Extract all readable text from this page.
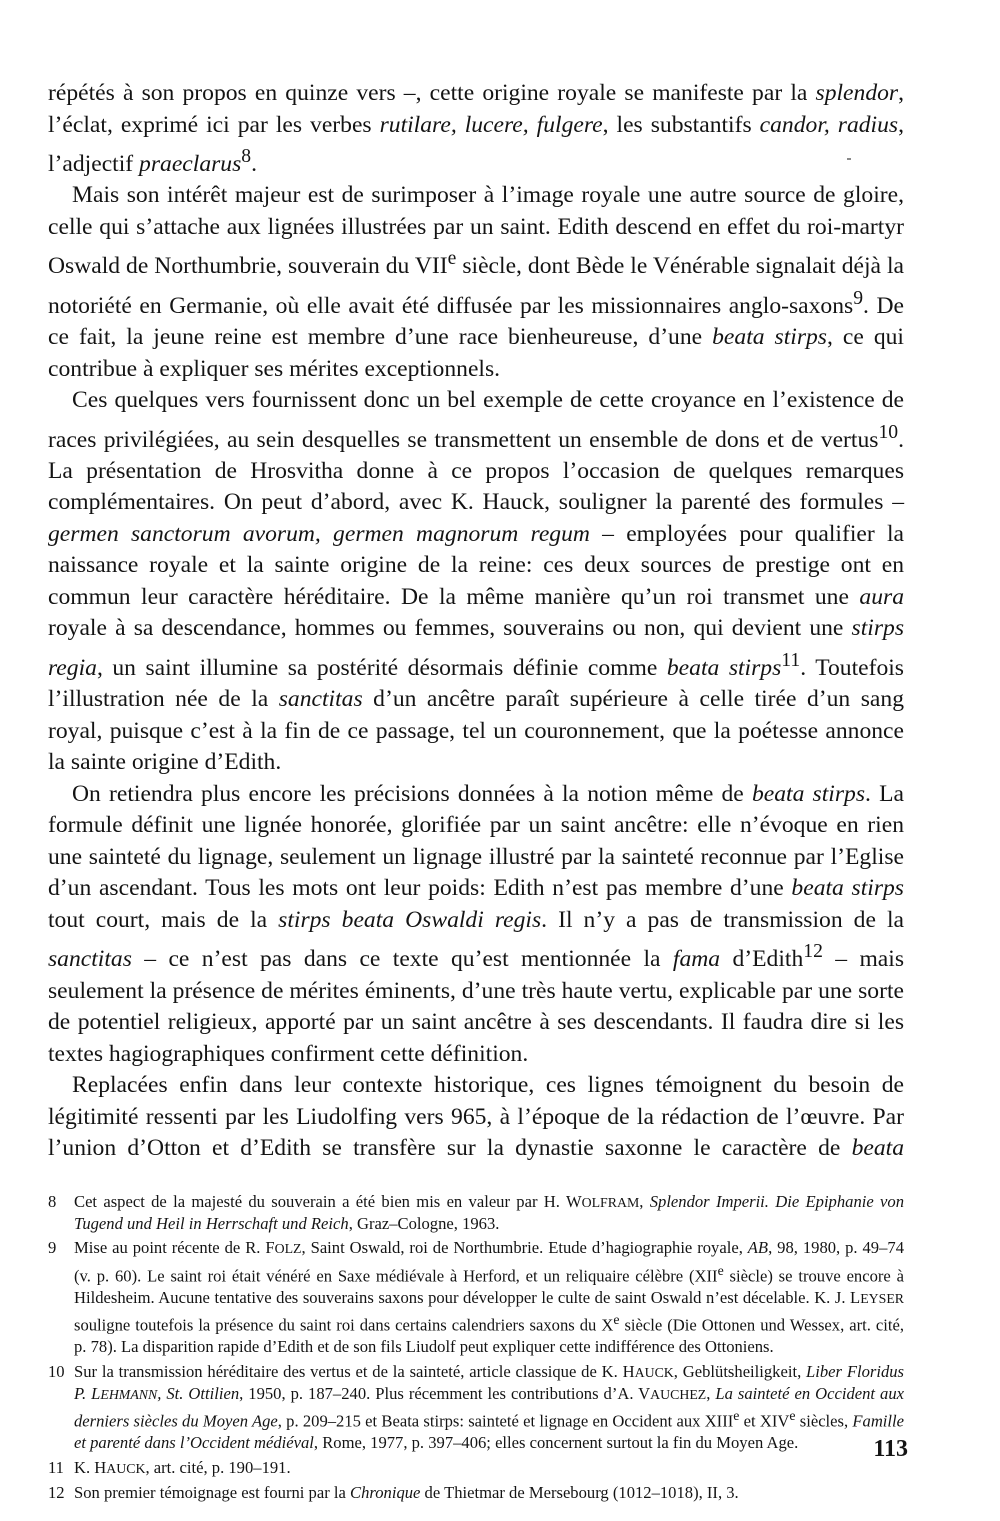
répétés à son propos en quinze vers –, cette origine royale se manifeste par la splendor, l’éclat, exprimé ici par les verbes rutilare, lucere, fulgere, les substantifs candor, radius, l’adjectif praeclarus$^8$.

Mais son intérêt majeur est de surimposer à l’image royale une autre source de gloire, celle qui s’attache aux lignées illustrées par un saint. Edith descend en effet du roi-martyr Oswald de Northumbrie, souverain du VIIe siècle, dont Bède le Vénérable signalait déjà la notoriété en Germanie, où elle avait été diffusée par les missionnaires anglo-saxons$^9$. De ce fait, la jeune reine est membre d’une race bienheureuse, d’une beata stirps, ce qui contribue à expliquer ses mérites exceptionnels.

Ces quelques vers fournissent donc un bel exemple de cette croyance en l’existence de races privilégiées, au sein desquelles se transmettent un ensemble de dons et de vertus$^{10}$. La présentation de Hrosvitha donne à ce propos l’occasion de quelques remarques complémentaires. On peut d’abord, avec K. Hauck, souligner la parenté des formules – germen sanctorum avorum, germen magnorum regum – employées pour qualifier la naissance royale et la sainte origine de la reine: ces deux sources de prestige ont en commun leur caractère héréditaire. De la même manière qu’un roi transmet une aura royale à sa descendance, hommes ou femmes, souverains ou non, qui devient une stirps regia, un saint illumine sa postérité désormais définie comme beata stirps$^{11}$. Toutefois l’illustration née de la sanctitas d’un ancêtre paraît supérieure à celle tirée d’un sang royal, puisque c’est à la fin de ce passage, tel un couronnement, que la poétesse annonce la sainte origine d’Edith.

On retiendra plus encore les précisions données à la notion même de beata stirps. La formule définit une lignée honorée, glorifiée par un saint ancêtre: elle n’évoque en rien une sainteté du lignage, seulement un lignage illustré par la sainteté reconnue par l’Eglise d’un ascendant. Tous les mots ont leur poids: Edith n’est pas membre d’une beata stirps tout court, mais de la stirps beata Oswaldi regis. Il n’y a pas de transmission de la sanctitas – ce n’est pas dans ce texte qu’est mentionnée la fama d’Edith$^{12}$ – mais seulement la présence de mérites éminents, d’une très haute vertu, explicable par une sorte de potentiel religieux, apporté par un saint ancêtre à ses descendants. Il faudra dire si les textes hagiographiques confirment cette définition.

Replacées enfin dans leur contexte historique, ces lignes témoignent du besoin de légitimité ressenti par les Liudolfing vers 965, à l’époque de la rédaction de l’œuvre. Par l’union d’Otton et d’Edith se transfère sur la dynastie saxonne le caractère de beata

8	Cet aspect de la majesté du souverain a été bien mis en valeur par H. WOLFRAM, Splendor Imperii. Die Epiphanie von Tugend und Heil in Herrschaft und Reich, Graz–Cologne, 1963.
9	Mise au point récente de R. FOLZ, Saint Oswald, roi de Northumbrie. Etude d’hagiographie royale, AB, 98, 1980, p. 49–74 (v. p. 60). Le saint roi était vénéré en Saxe médiévale à Herford, et un reliquaire célèbre (XIIe siècle) se trouve encore à Hildesheim. Aucune tentative des souverains saxons pour développer le culte de saint Oswald n’est décelable. K. J. LEYSER souligne toutefois la présence du saint roi dans certains calendriers saxons du Xe siècle (Die Ottonen und Wessex, art. cité, p. 78). La disparition rapide d’Edith et de son fils Liudolf peut expliquer cette indifférence des Ottoniens.
10 Sur la transmission héréditaire des vertus et de la sainteté, article classique de K. HAUCK, Geblütsheiligkeit, Liber Floridus P. LEHMANN, St. Ottilien, 1950, p. 187–240. Plus récemment les contributions d’A. VAUCHEZ, La sainteté en Occident aux derniers siècles du Moyen Age, p. 209–215 et Beata stirps: sainteté et lignage en Occident aux XIIIe et XIVe siècles, Famille et parenté dans l’Occident médiéval, Rome, 1977, p. 397–406; elles concernent surtout la fin du Moyen Age.
11 K. HAUCK, art. cité, p. 190–191.
12 Son premier témoignage est fourni par la Chronique de Thietmar de Mersebourg (1012–1018), II, 3.
113
